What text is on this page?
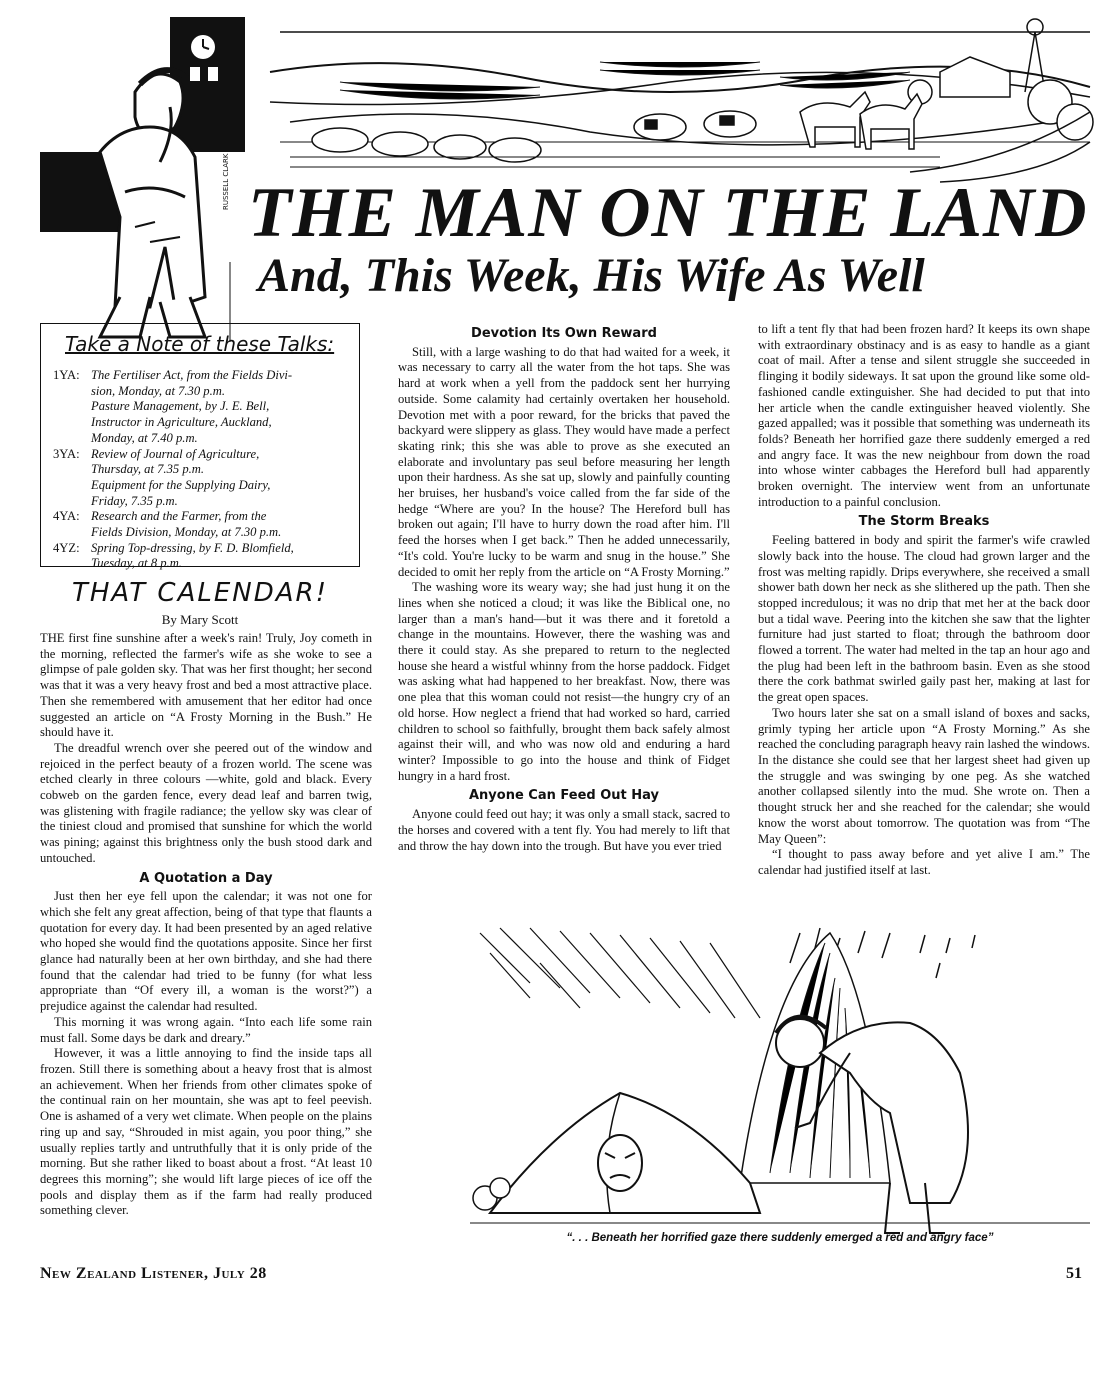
THE MAN ON THE LAND
And, This Week, His Wife As Well
RUSSELL CLARK
Take a Note of these Talks:
1YA: The Fertiliser Act, from the Fields Divi-
sion, Monday, at 7.30 p.m.
Pasture Management, by J. E. Bell,
Instructor in Agriculture, Auckland,
Monday, at 7.40 p.m.
3YA: Review of Journal of Agriculture,
Thursday, at 7.35 p.m.
Equipment for the Supplying Dairy,
Friday, 7.35 p.m.
4YA: Research and the Farmer, from the
Fields Division, Monday, at 7.30 p.m.
4YZ: Spring Top-dressing, by F. D. Blomfield,
Tuesday, at 8 p.m.
THAT CALENDAR!
By Mary Scott

THE first fine sunshine after a week's rain! Truly, Joy cometh in the morning, reflected the farmer's wife as she woke to see a glimpse of pale golden sky. That was her first thought; her second was that it was a very heavy frost and bed a most attractive place. Then she remembered with amusement that her editor had once suggested an article on “A Frosty Morning in the Bush.” He should have it.

The dreadful wrench over she peered out of the window and rejoiced in the perfect beauty of a frozen world. The scene was etched clearly in three colours —white, gold and black. Every cobweb on the garden fence, every dead leaf and barren twig, was glistening with fragile radiance; the yellow sky was clear of the tiniest cloud and promised that sunshine for which the world was pining; against this brightness only the bush stood dark and untouched.

A Quotation a Day

Just then her eye fell upon the calendar; it was not one for which she felt any great affection, being of that type that flaunts a quotation for every day. It had been presented by an aged relative who hoped she would find the quotations apposite. Since her first glance had naturally been at her own birthday, and she had there found that the calendar had tried to be funny (for what less appropriate than “Of every ill, a woman is the worst?”) a prejudice against the calendar had resulted.

This morning it was wrong again. “Into each life some rain must fall. Some days be dark and dreary.”

However, it was a little annoying to find the inside taps all frozen. Still there is something about a heavy frost that is almost an achievement. When her friends from other climates spoke of the continual rain on her mountain, she was apt to feel peevish. One is ashamed of a very wet climate. When people on the plains ring up and say, “Shrouded in mist again, you poor thing,” she usually replies tartly and untruthfully that it is only pride of the morning. But she rather liked to boast about a frost. “At least 10 degrees this morning”; she would lift large pieces of ice off the pools and display them as if the farm had really produced something clever.

Devotion Its Own Reward

Still, with a large washing to do that had waited for a week, it was necessary to carry all the water from the hot taps. She was hard at work when a yell from the paddock sent her hurrying outside. Some calamity had certainly overtaken her household. Devotion met with a poor reward, for the bricks that paved the backyard were slippery as glass. They would have made a perfect skating rink; this she was able to prove as she executed an elaborate and involuntary pas seul before measuring her length upon their hardness. As she sat up, slowly and painfully counting her bruises, her husband's voice called from the far side of the hedge “Where are you? In the house? The Hereford bull has broken out again; I'll have to hurry down the road after him. I'll feed the horses when I get back.” Then he added unnecessarily, “It's cold. You're lucky to be warm and snug in the house.” She decided to omit her reply from the article on “A Frosty Morning.”

The washing wore its weary way; she had just hung it on the lines when she noticed a cloud; it was like the Biblical one, no larger than a man's hand—but it was there and it foretold a change in the mountains. However, there the washing was and there it could stay. As she prepared to return to the neglected house she heard a wistful whinny from the horse paddock. Fidget was asking what had happened to her breakfast. Now, there was one plea that this woman could not resist—the hungry cry of an old horse. How neglect a friend that had worked so hard, carried children to school so faithfully, brought them back safely almost against their will, and who was now old and enduring a hard winter? Impossible to go into the house and think of Fidget hungry in a hard frost.

Anyone Can Feed Out Hay

Anyone could feed out hay; it was only a small stack, sacred to the horses and covered with a tent fly. You had merely to lift that and throw the hay down into the trough. But have you ever tried

to lift a tent fly that had been frozen hard? It keeps its own shape with extraordinary obstinacy and is as easy to handle as a giant coat of mail. After a tense and silent struggle she succeeded in flinging it bodily sideways. It sat upon the ground like some old-fashioned candle extinguisher. She had decided to put that into her article when the candle extinguisher heaved violently. She gazed appalled; was it possible that something was underneath its folds? Beneath her horrified gaze there suddenly emerged a red and angry face. It was the new neighbour from down the road into whose winter cabbages the Hereford bull had apparently broken overnight. The interview went from an unfortunate introduction to a painful conclusion.

The Storm Breaks

Feeling battered in body and spirit the farmer's wife crawled slowly back into the house. The cloud had grown larger and the frost was melting rapidly. Drips everywhere, she received a small shower bath down her neck as she slithered up the path. Then she stopped incredulous; it was no drip that met her at the back door but a tidal wave. Peering into the kitchen she saw that the lighter furniture had just started to float; through the bathroom door flowed a torrent. The water had melted in the tap an hour ago and the plug had been left in the bathroom basin. Even as she stood there the cork bathmat swirled gaily past her, making at last for the great open spaces.

Two hours later she sat on a small island of boxes and sacks, grimly typing her article upon “A Frosty Morning.” As she reached the concluding paragraph heavy rain lashed the windows. In the distance she could see that her largest sheet had given up the struggle and was swinging by one peg. As she watched another collapsed silently into the mud. She wrote on. Then a thought struck her and she reached for the calendar; she would know the worst about tomorrow. The quotation was from “The May Queen”:

“I thought to pass away before and yet alive I am.” The calendar had justified itself at last.

“. . . Beneath her horrified gaze there suddenly emerged a red and angry face”
New Zealand Listener, July 28	51
